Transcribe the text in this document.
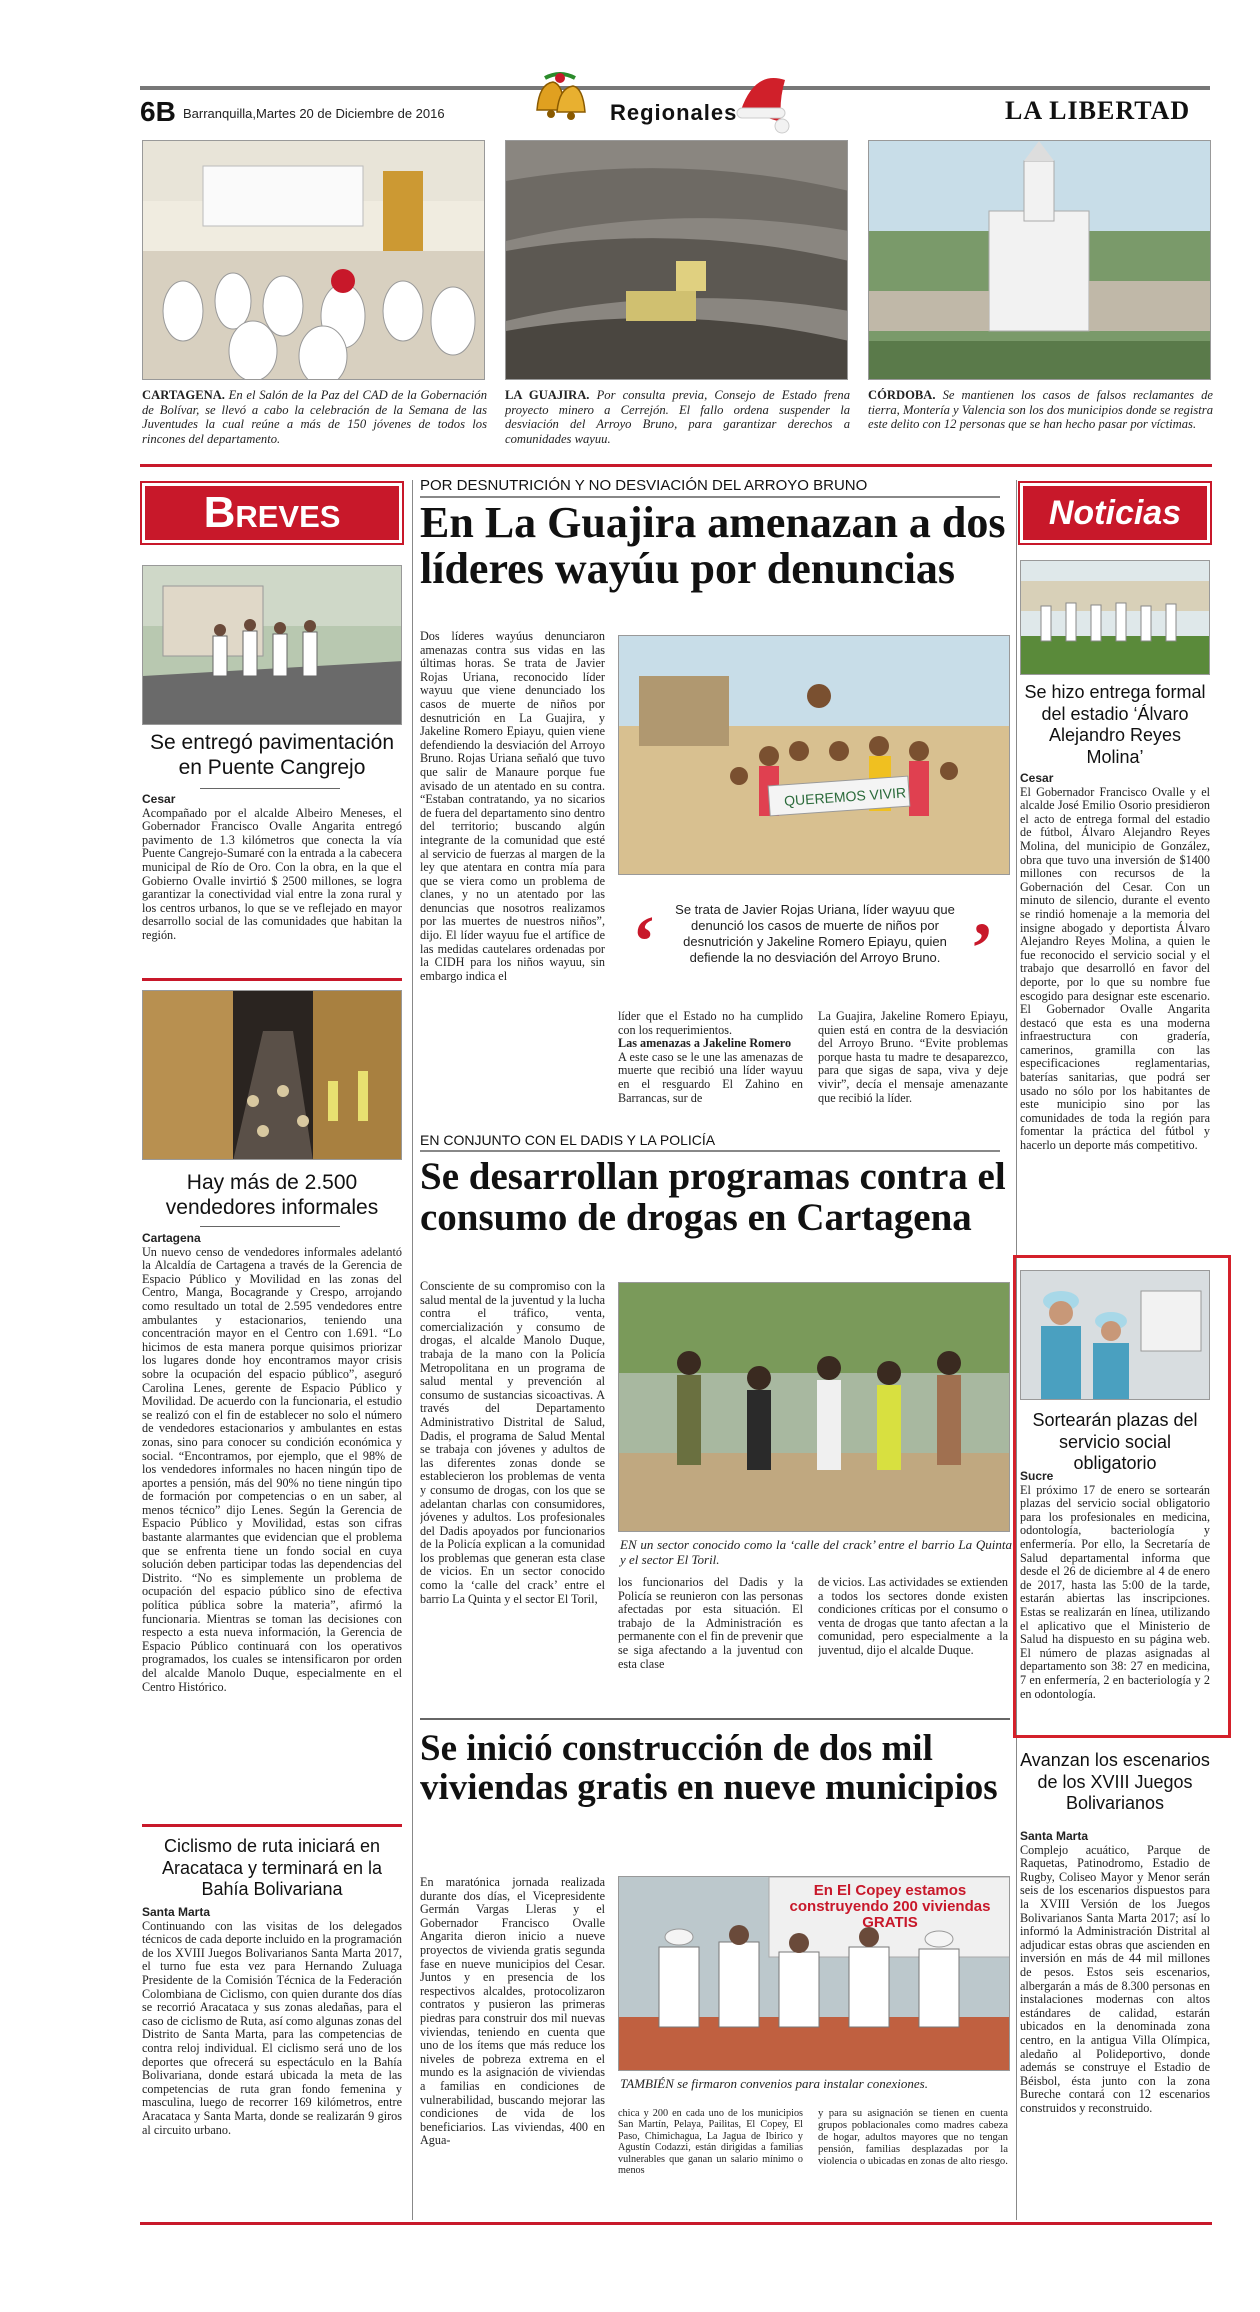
6B Barranquilla,Martes 20 de Diciembre de 2016	Regionales	LA LIBERTAD
CARTAGENA. En el Salón de la Paz del CAD de la Gobernación de Bolívar, se llevó a cabo la celebración de la Semana de las Juventudes la cual reúne a más de 150 jóvenes de todos los rincones del departamento.
LA GUAJIRA. Por consulta previa, Consejo de Estado frena proyecto minero a Cerrejón. El fallo ordena suspender la desviación del Arroyo Bruno, para garantizar derechos a comunidades wayuu.
CÓRDOBA. Se mantienen los casos de falsos reclamantes de tierra, Montería y Valencia son los dos municipios donde se registra este delito con 12 personas que se han hecho pasar por víctimas.
Breves
Se entregó pavimentación en Puente Cangrejo

Cesar

Acompañado por el alcalde Albeiro Meneses, el Gobernador Francisco Ovalle Angarita entregó pavimento de 1.3 kilómetros que conecta la vía Puente Cangrejo-Sumaré con la entrada a la cabecera municipal de Río de Oro. Con la obra, en la que el Gobierno Ovalle invirtió $ 2500 millones, se logra garantizar la conectividad vial entre la zona rural y los centros urbanos, lo que se ve reflejado en mayor desarrollo social de las comunidades que habitan la región.

Hay más de 2.500 vendedores informales

Cartagena

Un nuevo censo de vendedores informales adelantó la Alcaldía de Cartagena a través de la Gerencia de Espacio Público y Movilidad en las zonas del Centro, Manga, Bocagrande y Crespo, arrojando como resultado un total de 2.595 vendedores entre ambulantes y estacionarios, teniendo una concentración mayor en el Centro con 1.691. “Lo hicimos de esta manera porque quisimos priorizar los lugares donde hoy encontramos mayor crisis sobre la ocupación del espacio público”, aseguró Carolina Lenes, gerente de Espacio Público y Movilidad. De acuerdo con la funcionaria, el estudio se realizó con el fin de establecer no solo el número de vendedores estacionarios y ambulantes en estas zonas, sino para conocer su condición económica y social. “Encontramos, por ejemplo, que el 98% de los vendedores informales no hacen ningún tipo de aportes a pensión, más del 90% no tiene ningún tipo de formación por competencias o en un saber, al menos técnico” dijo Lenes. Según la Gerencia de Espacio Público y Movilidad, estas son cifras bastante alarmantes que evidencian que el problema que se enfrenta tiene un fondo social en cuya solución deben participar todas las dependencias del Distrito. “No es simplemente un problema de ocupación del espacio público sino de efectiva política pública sobre la materia”, afirmó la funcionaria. Mientras se toman las decisiones con respecto a esta nueva información, la Gerencia de Espacio Público continuará con los operativos programados, los cuales se intensificaron por orden del alcalde Manolo Duque, especialmente en el Centro Histórico.

Ciclismo de ruta iniciará en Aracataca y terminará en la Bahía Bolivariana

Santa Marta

Continuando con las visitas de los delegados técnicos de cada deporte incluido en la programación de los XVIII Juegos Bolivarianos Santa Marta 2017, el turno fue esta vez para Hernando Zuluaga Presidente de la Comisión Técnica de la Federación Colombiana de Ciclismo, con quien durante dos días se recorrió Aracataca y sus zonas aledañas, para el caso de ciclismo de Ruta, así como algunas zonas del Distrito de Santa Marta, para las competencias de contra reloj individual. El ciclismo será uno de los deportes que ofrecerá su espectáculo en la Bahía Bolivariana, donde estará ubicada la meta de las competencias de ruta gran fondo femenina y masculina, luego de recorrer 169 kilómetros, entre Aracataca y Santa Marta, donde se realizarán 9 giros al circuito urbano.

POR DESNUTRICIÓN Y NO DESVIACIÓN DEL ARROYO BRUNO
En La Guajira amenazan a dos líderes wayúu por denuncias
Dos líderes wayúus denunciaron amenazas contra sus vidas en las últimas horas. Se trata de Javier Rojas Uriana, reconocido líder wayuu que viene denunciado los casos de muerte de niños por desnutrición en La Guajira, y Jakeline Romero Epiayu, quien viene defendiendo la desviación del Arroyo Bruno. Rojas Uriana señaló que tuvo que salir de Manaure porque fue avisado de un atentado en su contra. “Estaban contratando, ya no sicarios de fuera del departamento sino dentro del territorio; buscando algún integrante de la comunidad que esté al servicio de fuerzas al margen de la ley que atentara en contra mía para que se viera como un problema de clanes, y no un atentado por las denuncias que nosotros realizamos por las muertes de nuestros niños”, dijo. El líder wayuu fue el artífice de las medidas cautelares ordenadas por la CIDH para los niños wayuu, sin embargo indica el
QUEREMOS VIVIR
‘	Se trata de Javier Rojas Uriana, líder wayuu que denunció los casos de muerte de niños por desnutrición y Jakeline Romero Epiayu, quien defiende la no desviación del Arroyo Bruno. ’

líder que el Estado no ha cumplido con los requerimientos.

Las amenazas a Jakeline Romero

A este caso se le une las amenazas de muerte que recibió una líder wayuu en el resguardo El Zahino en Barrancas, sur de

La Guajira, Jakeline Romero Epiayu, quien está en contra de la desviación del Arroyo Bruno. “Evite problemas porque hasta tu madre te desaparezco, para que sigas de sapa, viva y deje vivir”, decía el mensaje amenazante que recibió la líder.
EN CONJUNTO CON EL DADIS Y LA POLICÍA
Se desarrollan programas contra el consumo de drogas en Cartagena
Consciente de su compromiso con la salud mental de la juventud y la lucha contra el tráfico, venta, comercialización y consumo de drogas, el alcalde Manolo Duque, trabaja de la mano con la Policía Metropolitana en un programa de salud mental y prevención al consumo de sustancias sicoactivas. A través del Departamento Administrativo Distrital de Salud, Dadis, el programa de Salud Mental se trabaja con jóvenes y adultos de las diferentes zonas donde se establecieron los problemas de venta y consumo de drogas, con los que se adelantan charlas con consumidores, jóvenes y adultos. Los profesionales del Dadis apoyados por funcionarios de la Policía explican a la comunidad los problemas que generan esta clase de vicios. En un sector conocido como la ‘calle del crack’ entre el barrio La Quinta y el sector El Toril,
EN un sector conocido como la ‘calle del crack’ entre el barrio La Quinta y el sector El Toril.
los funcionarios del Dadis y la Policía se reunieron con las personas afectadas por esta situación. El trabajo de la Administración es permanente con el fin de prevenir que se siga afectando a la juventud con esta clase
de vicios. Las actividades se extienden a todos los sectores donde existen condiciones críticas por el consumo o venta de drogas que tanto afectan a la comunidad, pero especialmente a la juventud, dijo el alcalde Duque.
Se inició construcción de dos mil viviendas gratis en nueve municipios
En maratónica jornada realizada durante dos días, el Vicepresidente Germán Vargas Lleras y el Gobernador Francisco Ovalle Angarita dieron inicio a nueve proyectos de vivienda gratis segunda fase en nueve municipios del Cesar. Juntos y en presencia de los respectivos alcaldes, protocolizaron contratos y pusieron las primeras piedras para construir dos mil nuevas viviendas, teniendo en cuenta que uno de los ítems que más reduce los niveles de pobreza extrema en el mundo es la asignación de viviendas a familias en condiciones de vulnerabilidad, buscando mejorar las condiciones de vida de los beneficiarios. Las viviendas, 400 en Agua-
En El Copey estamos construyendo 200 viviendas GRATIS
TAMBIÉN se firmaron convenios para instalar conexiones.
chica y 200 en cada uno de los municipios San Martín, Pelaya, Pailitas, El Copey, El Paso, Chimichagua, La Jagua de Ibirico y Agustín Codazzi, están dirigidas a familias vulnerables que ganan un salario mínimo o menos
y para su asignación se tienen en cuenta grupos poblacionales como madres cabeza de hogar, adultos mayores que no tengan pensión, familias desplazadas por la violencia o ubicadas en zonas de alto riesgo.
Noticias
Se hizo entrega formal del estadio ‘Álvaro Alejandro Reyes Molina’

Cesar

El Gobernador Francisco Ovalle y el alcalde José Emilio Osorio presidieron el acto de entrega formal del estadio de fútbol, Álvaro Alejandro Reyes Molina, del municipio de González, obra que tuvo una inversión de $1400 millones con recursos de la Gobernación del Cesar. Con un minuto de silencio, durante el evento se rindió homenaje a la memoria del insigne abogado y deportista Álvaro Alejandro Reyes Molina, a quien le fue reconocido el servicio social y el trabajo que desarrolló en favor del deporte, por lo que su nombre fue escogido para designar este escenario. El Gobernador Ovalle Angarita destacó que esta es una moderna infraestructura con gradería, camerinos, gramilla con las especificaciones reglamentarias, baterías sanitarias, que podrá ser usado no sólo por los habitantes de este municipio sino por las comunidades de toda la región para fomentar la práctica del fútbol y hacerlo un deporte más competitivo.

Sortearán plazas del servicio social obligatorio

Sucre

El próximo 17 de enero se sortearán plazas del servicio social obligatorio para los profesionales en medicina, odontología, bacteriología y enfermería. Por ello, la Secretaría de Salud departamental informa que desde el 26 de diciembre al 4 de enero de 2017, hasta las 5:00 de la tarde, estarán abiertas las inscripciones. Estas se realizarán en línea, utilizando el aplicativo que el Ministerio de Salud ha dispuesto en su página web. El número de plazas asignadas al departamento son 38: 27 en medicina, 7 en enfermería, 2 en bacteriología y 2 en odontología.

Avanzan los escenarios de los XVIII Juegos Bolivarianos

Santa Marta

Complejo acuático, Parque de Raquetas, Patinodromo, Estadio de Rugby, Coliseo Mayor y Menor serán seis de los escenarios dispuestos para la XVIII Versión de los Juegos Bolivarianos Santa Marta 2017; así lo informó la Administración Distrital al adjudicar estas obras que ascienden en inversión en más de 44 mil millones de pesos. Estos seis escenarios, albergarán a más de 8.300 personas en instalaciones modernas con altos estándares de calidad, estarán ubicados en la denominada zona centro, en la antigua Villa Olímpica, aledaño al Polideportivo, donde además se construye el Estadio de Béisbol, ésta junto con la zona Bureche contará con 12 escenarios construidos y reconstruido.
